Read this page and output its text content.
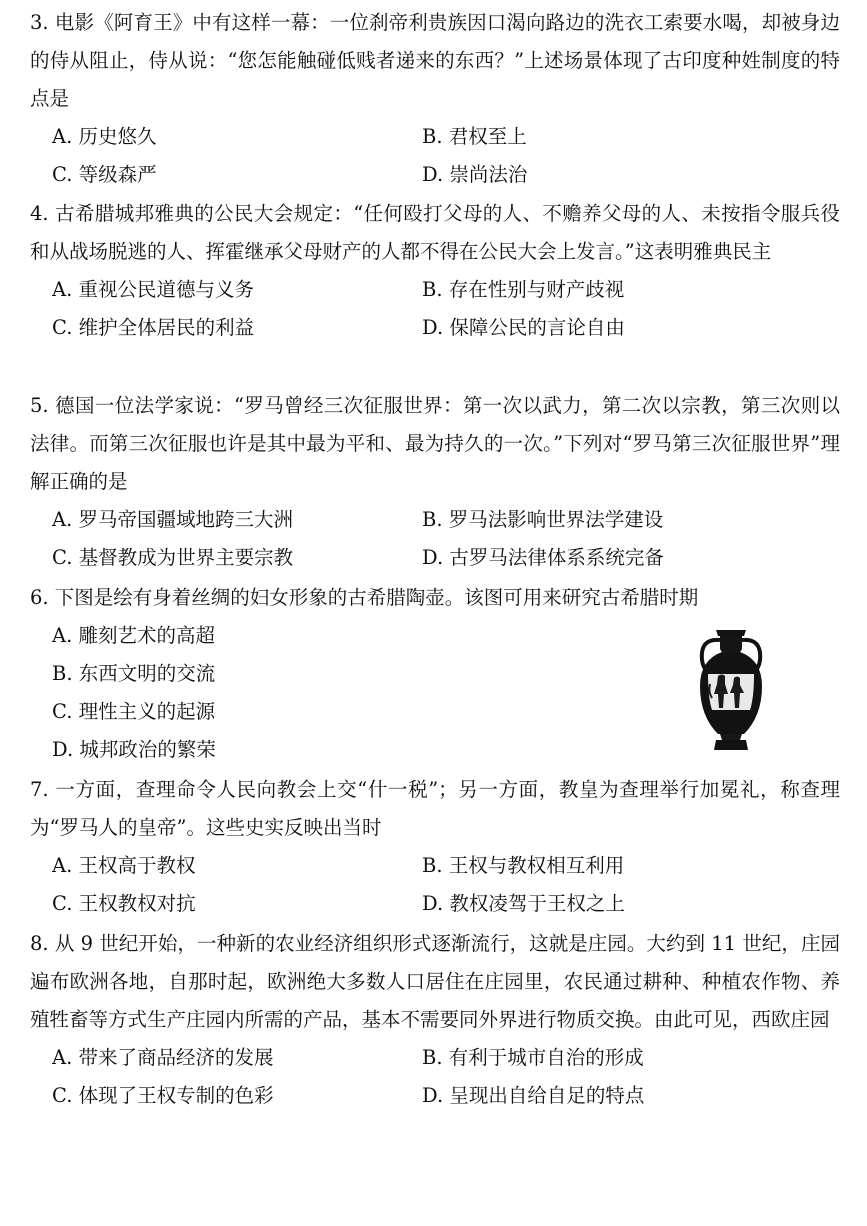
3. 电影《阿育王》中有这样一幕：一位刹帝利贵族因口渴向路边的洗衣工索要水喝，却被身边的侍从阻止，侍从说：“您怎能触碰低贱者递来的东西？”上述场景体现了古印度种姓制度的特点是

A. 历史悠久	B. 君权至上
C. 等级森严	D. 崇尚法治

4. 古希腊城邦雅典的公民大会规定：“任何殴打父母的人、不赡养父母的人、未按指令服兵役和从战场脱逃的人、挥霍继承父母财产的人都不得在公民大会上发言。”这表明雅典民主

A. 重视公民道德与义务	B. 存在性别与财产歧视
C. 维护全体居民的利益	D. 保障公民的言论自由

5. 德国一位法学家说：“罗马曾经三次征服世界：第一次以武力，第二次以宗教，第三次则以法律。而第三次征服也许是其中最为平和、最为持久的一次。”下列对“罗马第三次征服世界”理解正确的是

A. 罗马帝国疆域地跨三大洲	B. 罗马法影响世界法学建设
C. 基督教成为世界主要宗教	D. 古罗马法律体系系统完备

6. 下图是绘有身着丝绸的妇女形象的古希腊陶壶。该图可用来研究古希腊时期

A. 雕刻艺术的高超
B. 东西文明的交流
C. 理性主义的起源
D. 城邦政治的繁荣

7. 一方面，查理命令人民向教会上交“什一税”；另一方面，教皇为查理举行加冕礼，称查理为“罗马人的皇帝”。这些史实反映出当时

A. 王权高于教权	B. 王权与教权相互利用
C. 王权教权对抗	D. 教权凌驾于王权之上

8. 从 9 世纪开始，一种新的农业经济组织形式逐渐流行，这就是庄园。大约到 11 世纪，庄园遍布欧洲各地，自那时起，欧洲绝大多数人口居住在庄园里，农民通过耕种、种植农作物、养殖牲畜等方式生产庄园内所需的产品，基本不需要同外界进行物质交换。由此可见，西欧庄园

A. 带来了商品经济的发展	B. 有利于城市自治的形成
C. 体现了王权专制的色彩	D. 呈现出自给自足的特点
